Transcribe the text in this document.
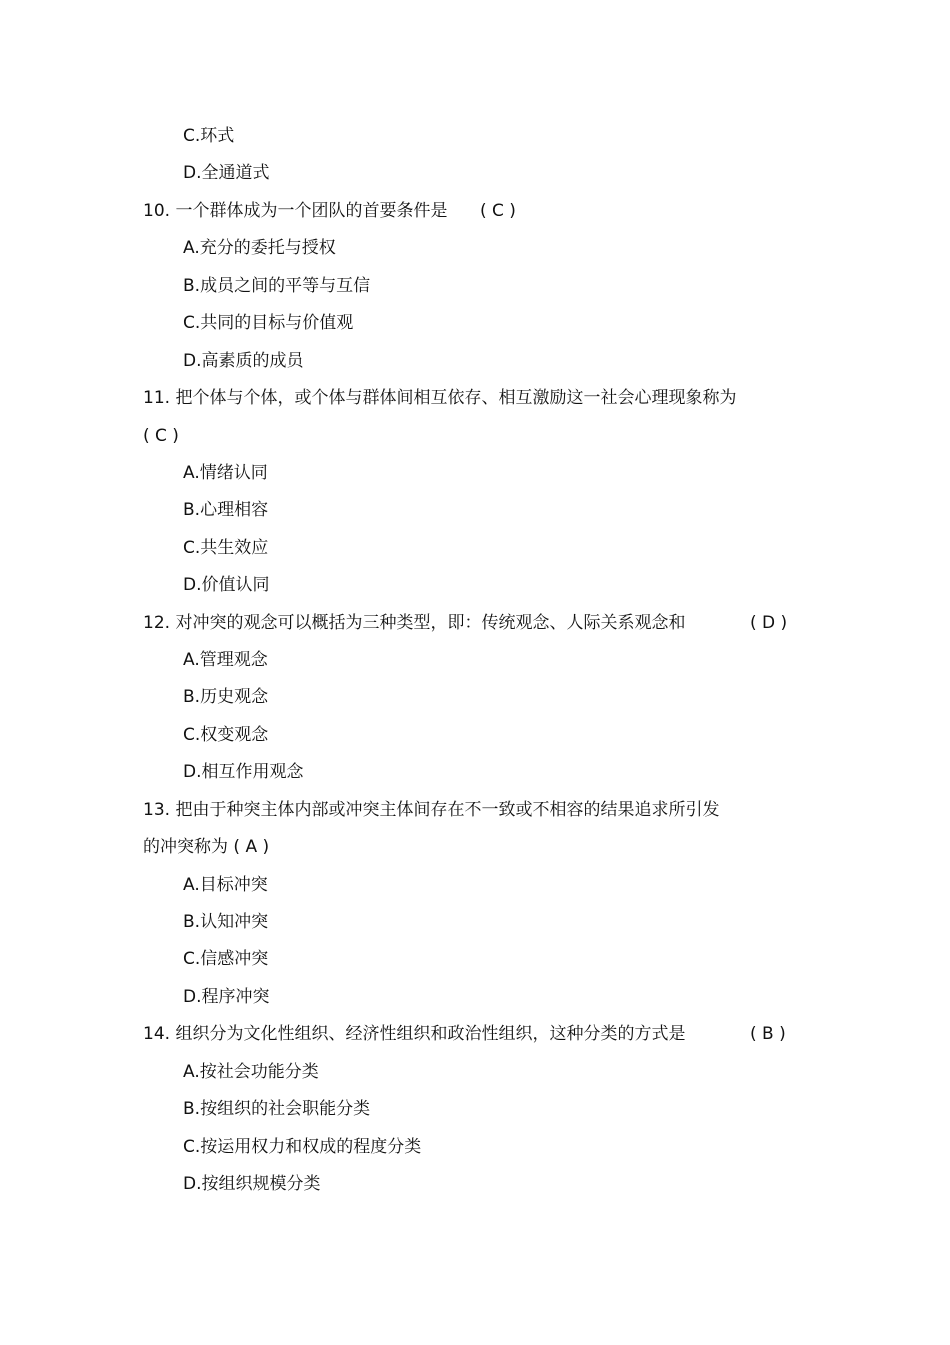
C.环式
D.全通道式
10. 一个群体成为一个团队的首要条件是 ( C )
A.充分的委托与授权
B.成员之间的平等与互信
C.共同的目标与价值观
D.高素质的成员
11. 把个体与个体，或个体与群体间相互依存、相互激励这一社会心理现象称为
( C )
A.情绪认同
B.心理相容
C.共生效应
D.价值认同
12. 对冲突的观念可以概括为三种类型，即：传统观念、人际关系观念和	( D )
A.管理观念
B.历史观念
C.权变观念
D.相互作用观念
13. 把由于种突主体内部或冲突主体间存在不一致或不相容的结果追求所引发
的冲突称为 ( A )
A.目标冲突
B.认知冲突
C.信感冲突
D.程序冲突
14. 组织分为文化性组织、经济性组织和政治性组织，这种分类的方式是	( B )
A.按社会功能分类
B.按组织的社会职能分类
C.按运用权力和权成的程度分类
D.按组织规模分类
